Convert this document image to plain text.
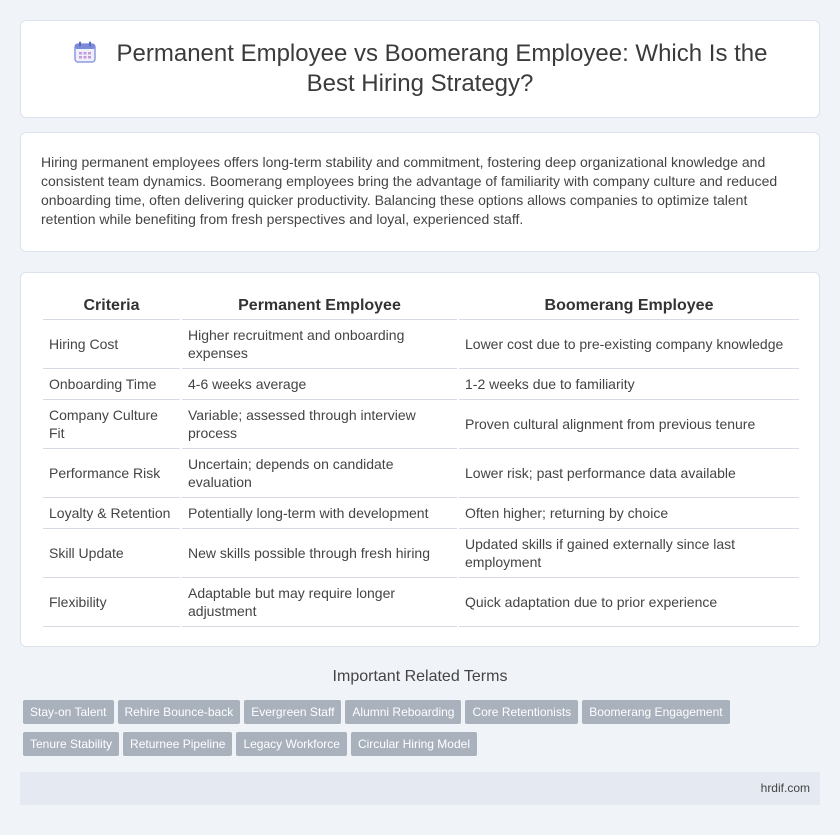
Permanent Employee vs Boomerang Employee: Which Is the Best Hiring Strategy?

Hiring permanent employees offers long-term stability and commitment, fostering deep organizational knowledge and consistent team dynamics. Boomerang employees bring the advantage of familiarity with company culture and reduced onboarding time, often delivering quicker productivity. Balancing these options allows companies to optimize talent retention while benefiting from fresh perspectives and loyal, experienced staff.

Criteria	Permanent Employee	Boomerang Employee
Hiring Cost	Higher recruitment and onboarding expenses	Lower cost due to pre-existing company knowledge
Onboarding Time	4-6 weeks average	1-2 weeks due to familiarity
Company Culture Fit	Variable; assessed through interview process	Proven cultural alignment from previous tenure
Performance Risk	Uncertain; depends on candidate evaluation	Lower risk; past performance data available
Loyalty & Retention	Potentially long-term with development	Often higher; returning by choice
Skill Update	New skills possible through fresh hiring	Updated skills if gained externally since last employment
Flexibility	Adaptable but may require longer adjustment	Quick adaptation due to prior experience
Important Related Terms
Stay-on Talent Rehire Bounce-back Evergreen Staff Alumni Reboarding Core Retentionists Boomerang Engagement
Tenure Stability Returnee Pipeline Legacy Workforce Circular Hiring Model
hrdif.com
